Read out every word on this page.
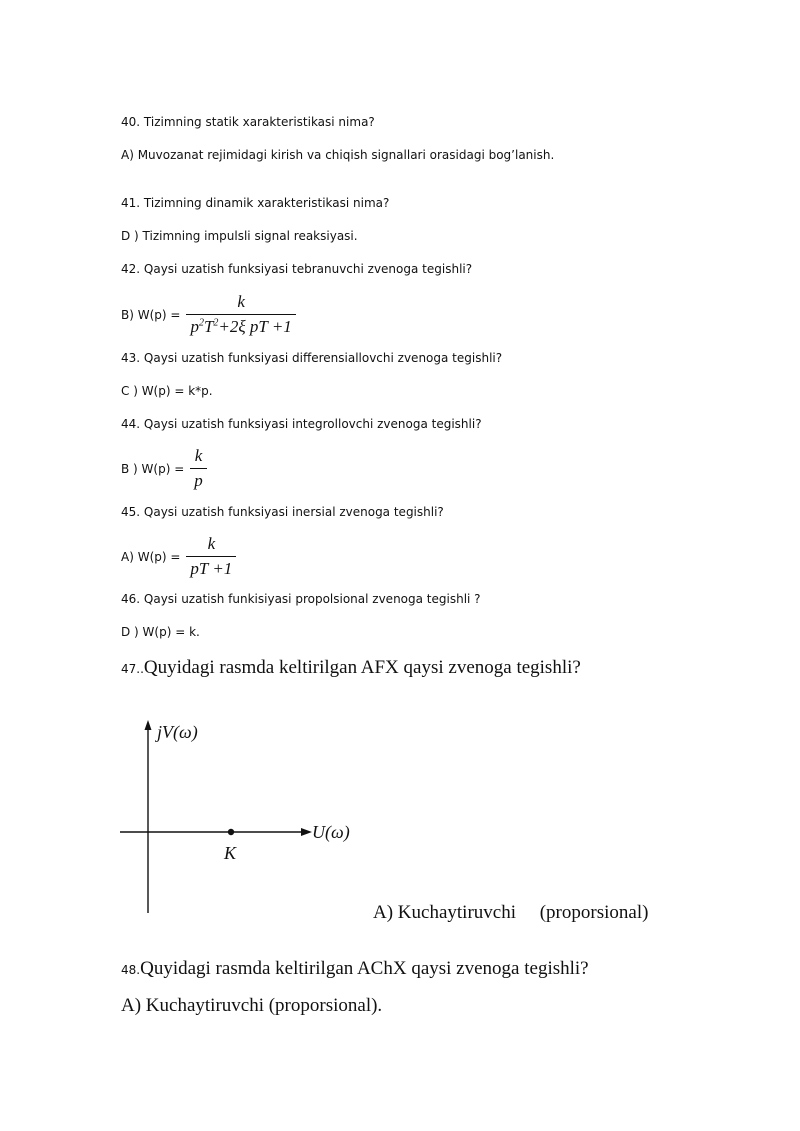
40. Tizimning statik xarakteristikasi nima?
A) Muvozanat rejimidagi kirish va chiqish signallari orasidagi bog’lanish.
41. Tizimning dinamik xarakteristikasi nima?
D ) Tizimning impulsli signal reaksiyasi.
42. Qaysi uzatish funksiyasi tebranuvchi zvenoga tegishli?
B) $W(p) = \frac{k}{p^2T^2+2\xi pT +1}$
43. Qaysi uzatish funksiyasi differensiallovchi zvenoga tegishli?
C ) W(p) = k*p.
44. Qaysi uzatish funksiyasi integrollovchi zvenoga tegishli?
B ) $W(p) = \frac{k}{p}$
45. Qaysi uzatish funksiyasi inersial zvenoga tegishli?
A) $W(p) = \frac{k}{pT +1}$
46. Qaysi uzatish funkisiyasi propolsional zvenoga tegishli ?
D ) W(p) = k.
47..Quyidagi rasmda keltirilgan AFX qaysi zvenoga tegishli?
jV(ω)
U(ω)
K
A) Kuchaytiruvchi     (proporsional)
48.Quyidagi rasmda keltirilgan AChX qaysi zvenoga tegishli?
A) Kuchaytiruvchi (proporsional).
